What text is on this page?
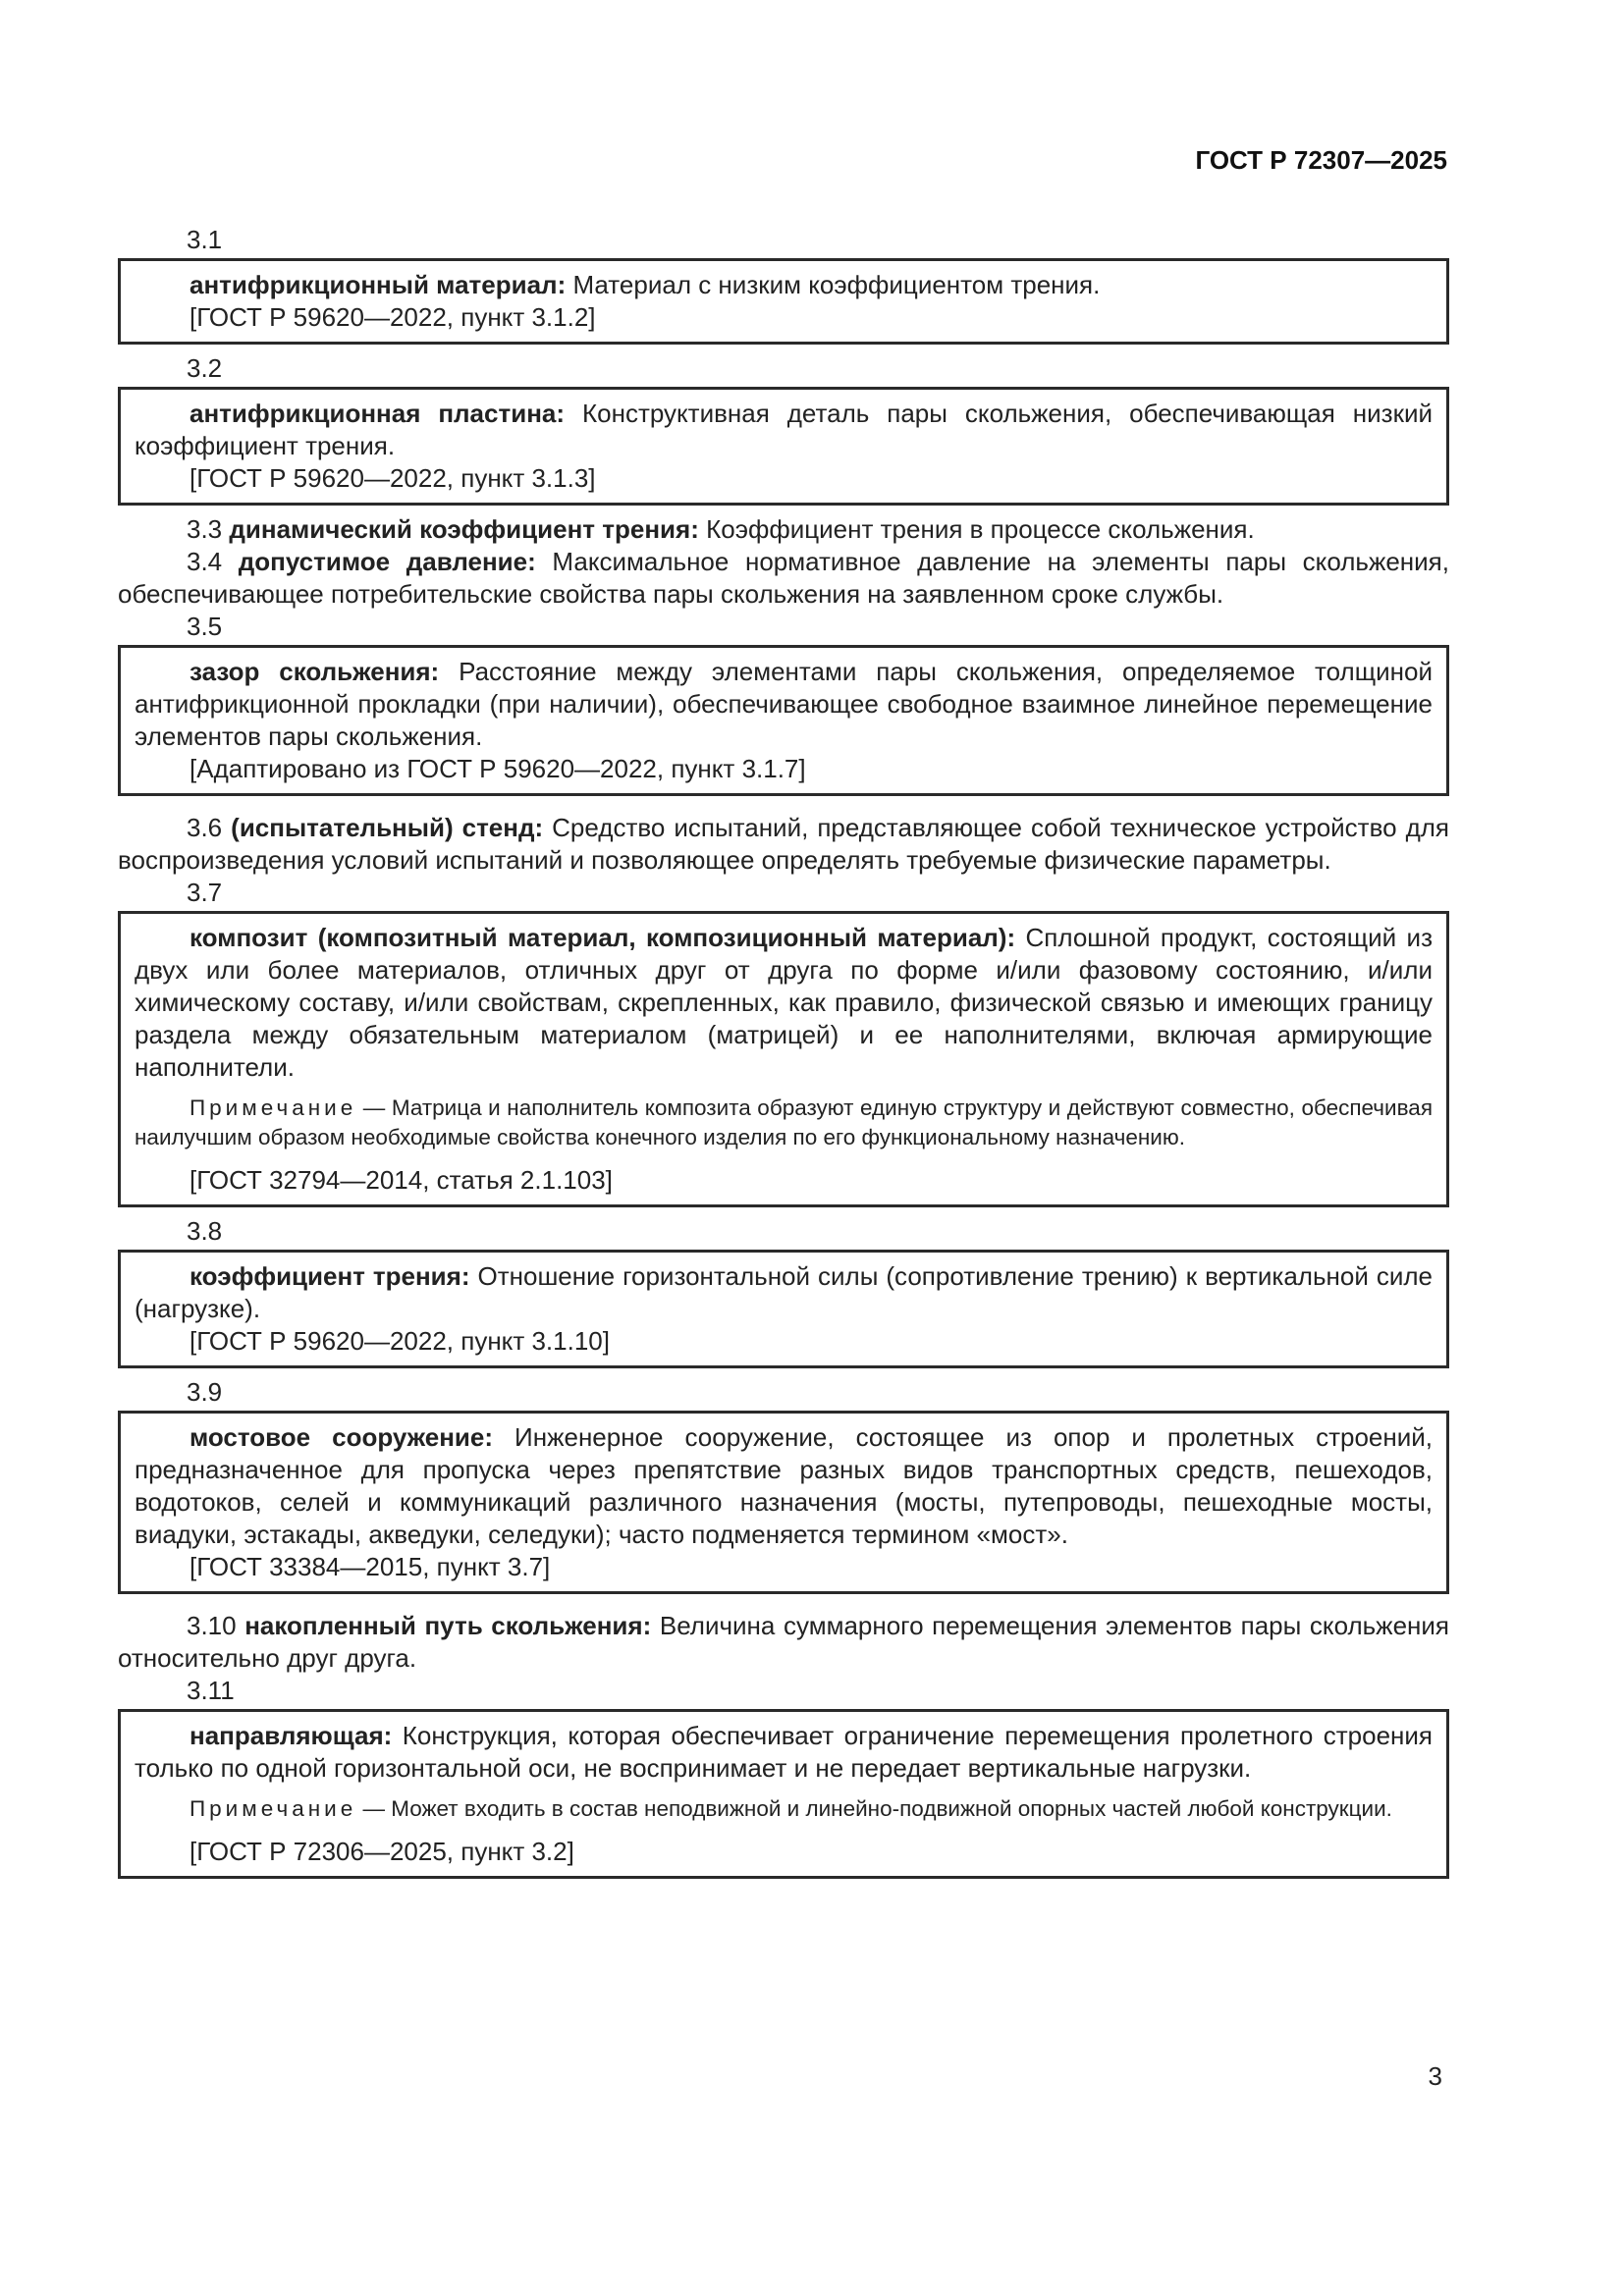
ГОСТ Р 72307—2025
3.1

антифрикционный материал: Материал с низким коэффициентом трения.

[ГОСТ Р 59620—2022, пункт 3.1.2]

3.2

антифрикционная пластина: Конструктивная деталь пары скольжения, обеспечивающая низкий коэффициент трения.

[ГОСТ Р 59620—2022, пункт 3.1.3]

3.3 динамический коэффициент трения: Коэффициент трения в процессе скольжения.

3.4 допустимое давление: Максимальное нормативное давление на элементы пары скольжения, обеспечивающее потребительские свойства пары скольжения на заявленном сроке службы.

3.5

зазор скольжения: Расстояние между элементами пары скольжения, определяемое толщиной антифрикционной прокладки (при наличии), обеспечивающее свободное взаимное линейное перемещение элементов пары скольжения.

[Адаптировано из ГОСТ Р 59620—2022, пункт 3.1.7]

3.6 (испытательный) стенд: Средство испытаний, представляющее собой техническое устройство для воспроизведения условий испытаний и позволяющее определять требуемые физические параметры.

3.7

композит (композитный материал, композиционный материал): Сплошной продукт, состоящий из двух или более материалов, отличных друг от друга по форме и/или фазовому состоянию, и/или химическому составу, и/или свойствам, скрепленных, как правило, физической связью и имеющих границу раздела между обязательным материалом (матрицей) и ее наполнителями, включая армирующие наполнители.

Примечание — Матрица и наполнитель композита образуют единую структуру и действуют совместно, обеспечивая наилучшим образом необходимые свойства конечного изделия по его функциональному назначению.

[ГОСТ 32794—2014, статья 2.1.103]

3.8

коэффициент трения: Отношение горизонтальной силы (сопротивление трению) к вертикальной силе (нагрузке).

[ГОСТ Р 59620—2022, пункт 3.1.10]

3.9

мостовое сооружение: Инженерное сооружение, состоящее из опор и пролетных строений, предназначенное для пропуска через препятствие разных видов транспортных средств, пешеходов, водотоков, селей и коммуникаций различного назначения (мосты, путепроводы, пешеходные мосты, виадуки, эстакады, акведуки, селедуки); часто подменяется термином «мост».

[ГОСТ 33384—2015, пункт 3.7]

3.10 накопленный путь скольжения: Величина суммарного перемещения элементов пары скольжения относительно друг друга.

3.11

направляющая: Конструкция, которая обеспечивает ограничение перемещения пролетного строения только по одной горизонтальной оси, не воспринимает и не передает вертикальные нагрузки.

Примечание — Может входить в состав неподвижной и линейно-подвижной опорных частей любой конструкции.

[ГОСТ Р 72306—2025, пункт 3.2]

3
